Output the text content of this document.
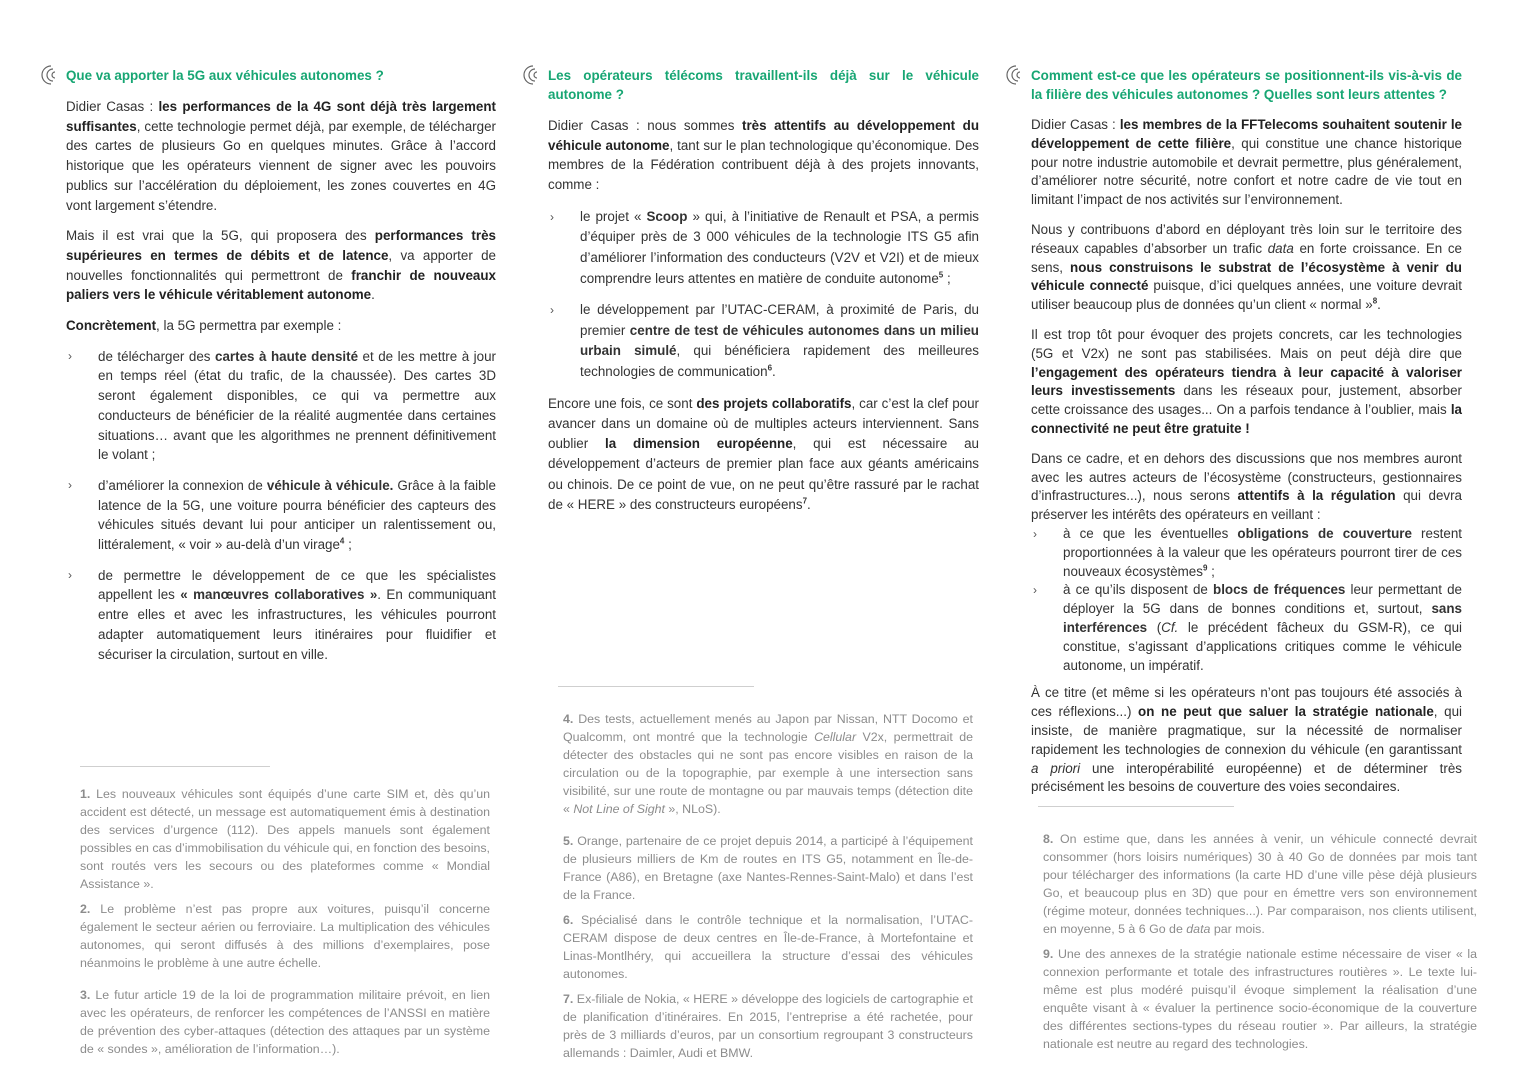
Que va apporter la 5G aux véhicules autonomes ?
Didier Casas : les performances de la 4G sont déjà très largement suffisantes, cette technologie permet déjà, par exemple, de télécharger des cartes de plusieurs Go en quelques minutes. Grâce à l’accord historique que les opérateurs viennent de signer avec les pouvoirs publics sur l’accélération du déploiement, les zones couvertes en 4G vont largement s’étendre.
Mais il est vrai que la 5G, qui proposera des performances très supérieures en termes de débits et de latence, va apporter de nouvelles fonctionnalités qui permettront de franchir de nouveaux paliers vers le véhicule véritablement autonome.
Concrètement, la 5G permettra par exemple :
› de télécharger des cartes à haute densité et de les mettre à jour en temps réel (état du trafic, de la chaussée). Des cartes 3D seront également disponibles, ce qui va permettre aux conducteurs de bénéficier de la réalité augmentée dans certaines situations… avant que les algorithmes ne prennent définitivement le volant ;
› d’améliorer la connexion de véhicule à véhicule. Grâce à la faible latence de la 5G, une voiture pourra bénéficier des capteurs des véhicules situés devant lui pour anticiper un ralentissement ou, littéralement, « voir » au-delà d’un virage$^4$ ;
› de permettre le développement de ce que les spécialistes appellent les « manœuvres collaboratives ». En communiquant entre elles et avec les infrastructures, les véhicules pourront adapter automatiquement leurs itinéraires pour fluidifier et sécuriser la circulation, surtout en ville.

1. Les nouveaux véhicules sont équipés d’une carte SIM et, dès qu’un accident est détecté, un message est automatiquement émis à destination des services d’urgence (112). Des appels manuels sont également possibles en cas d’immobilisation du véhicule qui, en fonction des besoins, sont routés vers les secours ou des plateformes comme « Mondial Assistance ».

2. Le problème n’est pas propre aux voitures, puisqu’il concerne également le secteur aérien ou ferroviaire. La multiplication des véhicules autonomes, qui seront diffusés à des millions d’exemplaires, pose néanmoins le problème à une autre échelle.

3. Le futur article 19 de la loi de programmation militaire prévoit, en lien avec les opérateurs, de renforcer les compétences de l’ANSSI en matière de prévention des cyber-attaques (détection des attaques par un système de « sondes », amélioration de l’information…).

Les opérateurs télécoms travaillent-ils déjà sur le véhicule autonome ?
Didier Casas : nous sommes très attentifs au développement du véhicule autonome, tant sur le plan technologique qu’économique. Des membres de la Fédération contribuent déjà à des projets innovants, comme :
› le projet « Scoop » qui, à l’initiative de Renault et PSA, a permis d’équiper près de 3 000 véhicules de la technologie ITS G5 afin d’améliorer l’information des conducteurs (V2V et V2I) et de mieux comprendre leurs attentes en matière de conduite autonome$^5$ ;
› le développement par l’UTAC-CERAM, à proximité de Paris, du premier centre de test de véhicules autonomes dans un milieu urbain simulé, qui bénéficiera rapidement des meilleures technologies de communication$^6$.
Encore une fois, ce sont des projets collaboratifs, car c’est la clef pour avancer dans un domaine où de multiples acteurs interviennent. Sans oublier la dimension européenne, qui est nécessaire au développement d’acteurs de premier plan face aux géants américains ou chinois. De ce point de vue, on ne peut qu’être rassuré par le rachat de « HERE » des constructeurs européens$^7$.

4. Des tests, actuellement menés au Japon par Nissan, NTT Docomo et Qualcomm, ont montré que la technologie Cellular V2x, permettrait de détecter des obstacles qui ne sont pas encore visibles en raison de la circulation ou de la topographie, par exemple à une intersection sans visibilité, sur une route de montagne ou par mauvais temps (détection dite « Not Line of Sight », NLoS).

5. Orange, partenaire de ce projet depuis 2014, a participé à l’équipement de plusieurs milliers de Km de routes en ITS G5, notamment en Île-de-France (A86), en Bretagne (axe Nantes-Rennes-Saint-Malo) et dans l’est de la France.

6. Spécialisé dans le contrôle technique et la normalisation, l’UTAC-CERAM dispose de deux centres en Île-de-France, à Mortefontaine et Linas-Montlhéry, qui accueillera la structure d’essai des véhicules autonomes.

7. Ex-filiale de Nokia, « HERE » développe des logiciels de cartographie et de planification d’itinéraires. En 2015, l’entreprise a été rachetée, pour près de 3 milliards d’euros, par un consortium regroupant 3 constructeurs allemands : Daimler, Audi et BMW.

Comment est-ce que les opérateurs se positionnent-ils vis-à-vis de la filière des véhicules autonomes ? Quelles sont leurs attentes ?
Didier Casas : les membres de la FFTelecoms souhaitent soutenir le développement de cette filière, qui constitue une chance historique pour notre industrie automobile et devrait permettre, plus généralement, d’améliorer notre sécurité, notre confort et notre cadre de vie tout en limitant l’impact de nos activités sur l’environnement.
Nous y contribuons d’abord en déployant très loin sur le territoire des réseaux capables d’absorber un trafic data en forte croissance. En ce sens, nous construisons le substrat de l’écosystème à venir du véhicule connecté puisque, d’ici quelques années, une voiture devrait utiliser beaucoup plus de données qu’un client « normal »$^8$.
Il est trop tôt pour évoquer des projets concrets, car les technologies (5G et V2x) ne sont pas stabilisées. Mais on peut déjà dire que l’engagement des opérateurs tiendra à leur capacité à valoriser leurs investissements dans les réseaux pour, justement, absorber cette croissance des usages... On a parfois tendance à l’oublier, mais la connectivité ne peut être gratuite !
Dans ce cadre, et en dehors des discussions que nos membres auront avec les autres acteurs de l’écosystème (constructeurs, gestionnaires d’infrastructures...), nous serons attentifs à la régulation qui devra préserver les intérêts des opérateurs en veillant :
› à ce que les éventuelles obligations de couverture restent proportionnées à la valeur que les opérateurs pourront tirer de ces nouveaux écosystèmes$^9$ ;
› à ce qu’ils disposent de blocs de fréquences leur permettant de déployer la 5G dans de bonnes conditions et, surtout, sans interférences (Cf. le précédent fâcheux du GSM-R), ce qui constitue, s’agissant d’applications critiques comme le véhicule autonome, un impératif.
À ce titre (et même si les opérateurs n’ont pas toujours été associés à ces réflexions...) on ne peut que saluer la stratégie nationale, qui insiste, de manière pragmatique, sur la nécessité de normaliser rapidement les technologies de connexion du véhicule (en garantissant a priori une interopérabilité européenne) et de déterminer très précisément les besoins de couverture des voies secondaires.

8. On estime que, dans les années à venir, un véhicule connecté devrait consommer (hors loisirs numériques) 30 à 40 Go de données par mois tant pour télécharger des informations (la carte HD d’une ville pèse déjà plusieurs Go, et beaucoup plus en 3D) que pour en émettre vers son environnement (régime moteur, données techniques...). Par comparaison, nos clients utilisent, en moyenne, 5 à 6 Go de data par mois.

9. Une des annexes de la stratégie nationale estime nécessaire de viser « la connexion performante et totale des infrastructures routières ». Le texte lui-même est plus modéré puisqu’il évoque simplement la réalisation d’une enquête visant à « évaluer la pertinence socio-économique de la couverture des différentes sections-types du réseau routier ». Par ailleurs, la stratégie nationale est neutre au regard des technologies.
